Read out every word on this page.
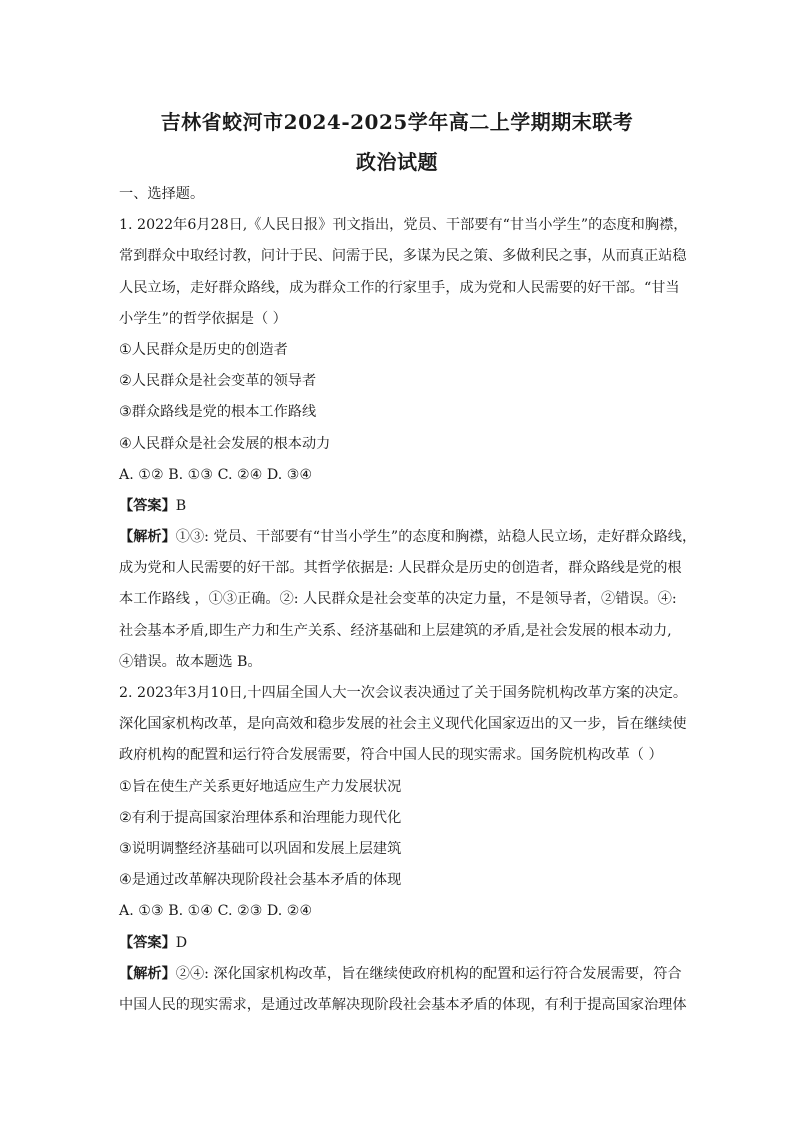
吉林省蛟河市2024-2025学年高二上学期期末联考
政治试题

一、选择题。

1. 2022年6月28日,《人民日报》刊文指出，党员、干部要有“甘当小学生”的态度和胸襟，

常到群众中取经讨教，问计于民、问需于民，多谋为民之策、多做利民之事，从而真正站稳

人民立场，走好群众路线，成为群众工作的行家里手，成为党和人民需要的好干部。“甘当

小学生”的哲学依据是（ ）

①人民群众是历史的创造者

②人民群众是社会变革的领导者

③群众路线是党的根本工作路线

④人民群众是社会发展的根本动力

A. ①② B. ①③ C. ②④ D. ③④

【答案】B

【解析】①③: 党员、干部要有“甘当小学生”的态度和胸襟，站稳人民立场，走好群众路线，

成为党和人民需要的好干部。其哲学依据是: 人民群众是历史的创造者，群众路线是党的根

本工作路线 ，①③正确。②: 人民群众是社会变革的决定力量，不是领导者，②错误。④:

社会基本矛盾,即生产力和生产关系、经济基础和上层建筑的矛盾,是社会发展的根本动力,

④错误。故本题选 B。

2. 2023年3月10日,十四届全国人大一次会议表决通过了关于国务院机构改革方案的决定。

深化国家机构改革，是向高效和稳步发展的社会主义现代化国家迈出的又一步，旨在继续使

政府机构的配置和运行符合发展需要，符合中国人民的现实需求。国务院机构改革（ ）

①旨在使生产关系更好地适应生产力发展状况

②有利于提高国家治理体系和治理能力现代化

③说明调整经济基础可以巩固和发展上层建筑

④是通过改革解决现阶段社会基本矛盾的体现

A. ①③ B. ①④ C. ②③ D. ②④

【答案】D

【解析】②④: 深化国家机构改革，旨在继续使政府机构的配置和运行符合发展需要，符合

中国人民的现实需求，是通过改革解决现阶段社会基本矛盾的体现，有利于提高国家治理体
